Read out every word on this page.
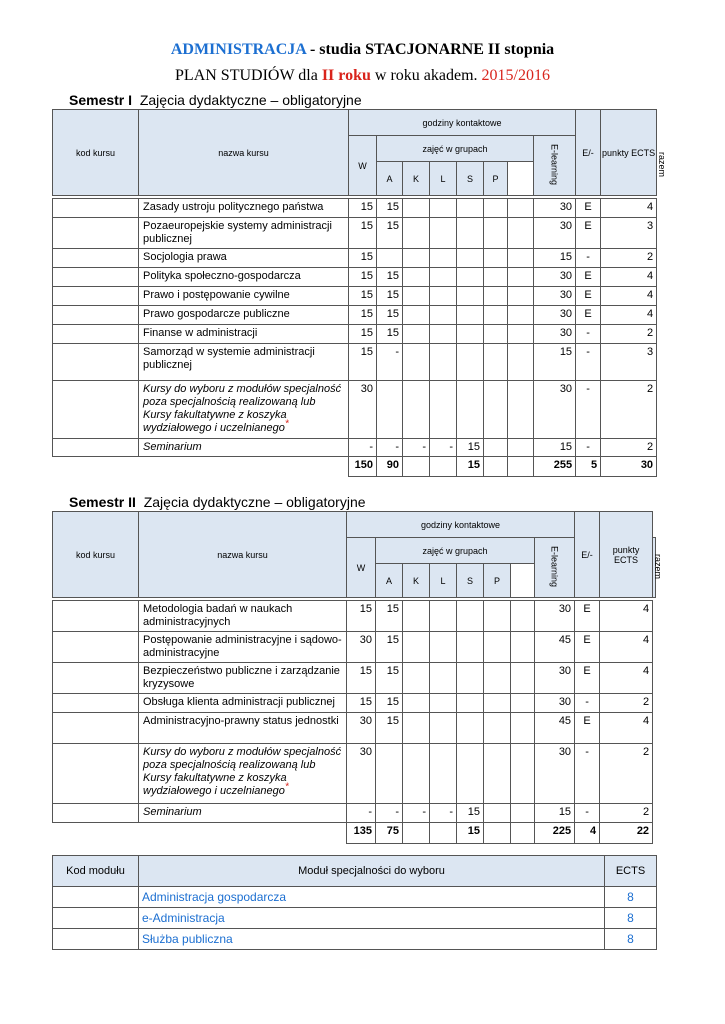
ADMINISTRACJA - studia STACJONARNE II stopnia
PLAN STUDIÓW dla II roku w roku akadem. 2015/2016
Semestr I Zajęcia dydaktyczne – obligatoryjne
kod kursu	nazwa kursu	godziny kontaktowe								E/-	punkty ECTS	
		W	zajęć w grupach						E-learning			razem
			A	K	L	S	P					

	Zasady ustroju politycznego państwa	15	15						30	E	4	
	Pozaeuropejskie systemy administracji publicznej	15	15						30	E	3	
	Socjologia prawa	15							15	-	2	
	Polityka społeczno-gospodarcza	15	15						30	E	4	
	Prawo i postępowanie cywilne	15	15						30	E	4	
	Prawo gospodarcze publiczne	15	15						30	E	4	
	Finanse w administracji	15	15						30	-	2	
	Samorząd w systemie administracji publicznej	15	-						15	-	3	
	Kursy do wyboru z modułów specjalność poza specjalnością realizowaną lub Kursy fakultatywne z koszyka wydziałowego i uczelnianego*	30							30	-	2	
	Seminarium	-	-	-	-	15			15	-	2	
		150	90			15			255	5	30	
Semestr II Zajęcia dydaktyczne – obligatoryjne
kod kursu	nazwa kursu	godziny kontaktowe								E/-	punkty ECTS	
		W	zajęć w grupach						E-learning			razem
			A	K	L	S	P					

	Metodologia badań w naukach administracyjnych	15	15						30	E	4	
	Postępowanie administracyjne i sądowo-administracyjne	30	15						45	E	4	
	Bezpieczeństwo publiczne i zarządzanie kryzysowe	15	15						30	E	4	
	Obsługa klienta administracji publicznej	15	15						30	-	2	
	Administracyjno-prawny status jednostki	30	15						45	E	4	
	Kursy do wyboru z modułów specjalność poza specjalnością realizowaną lub Kursy fakultatywne z koszyka wydziałowego i uczelnianego*	30							30	-	2	
	Seminarium	-	-	-	-	15			15	-	2	
		135	75			15			225	4	22	
Kod modułu	Moduł specjalności do wyboru	ECTS
	Administracja gospodarcza	8
	e-Administracja	8
	Służba publiczna	8
